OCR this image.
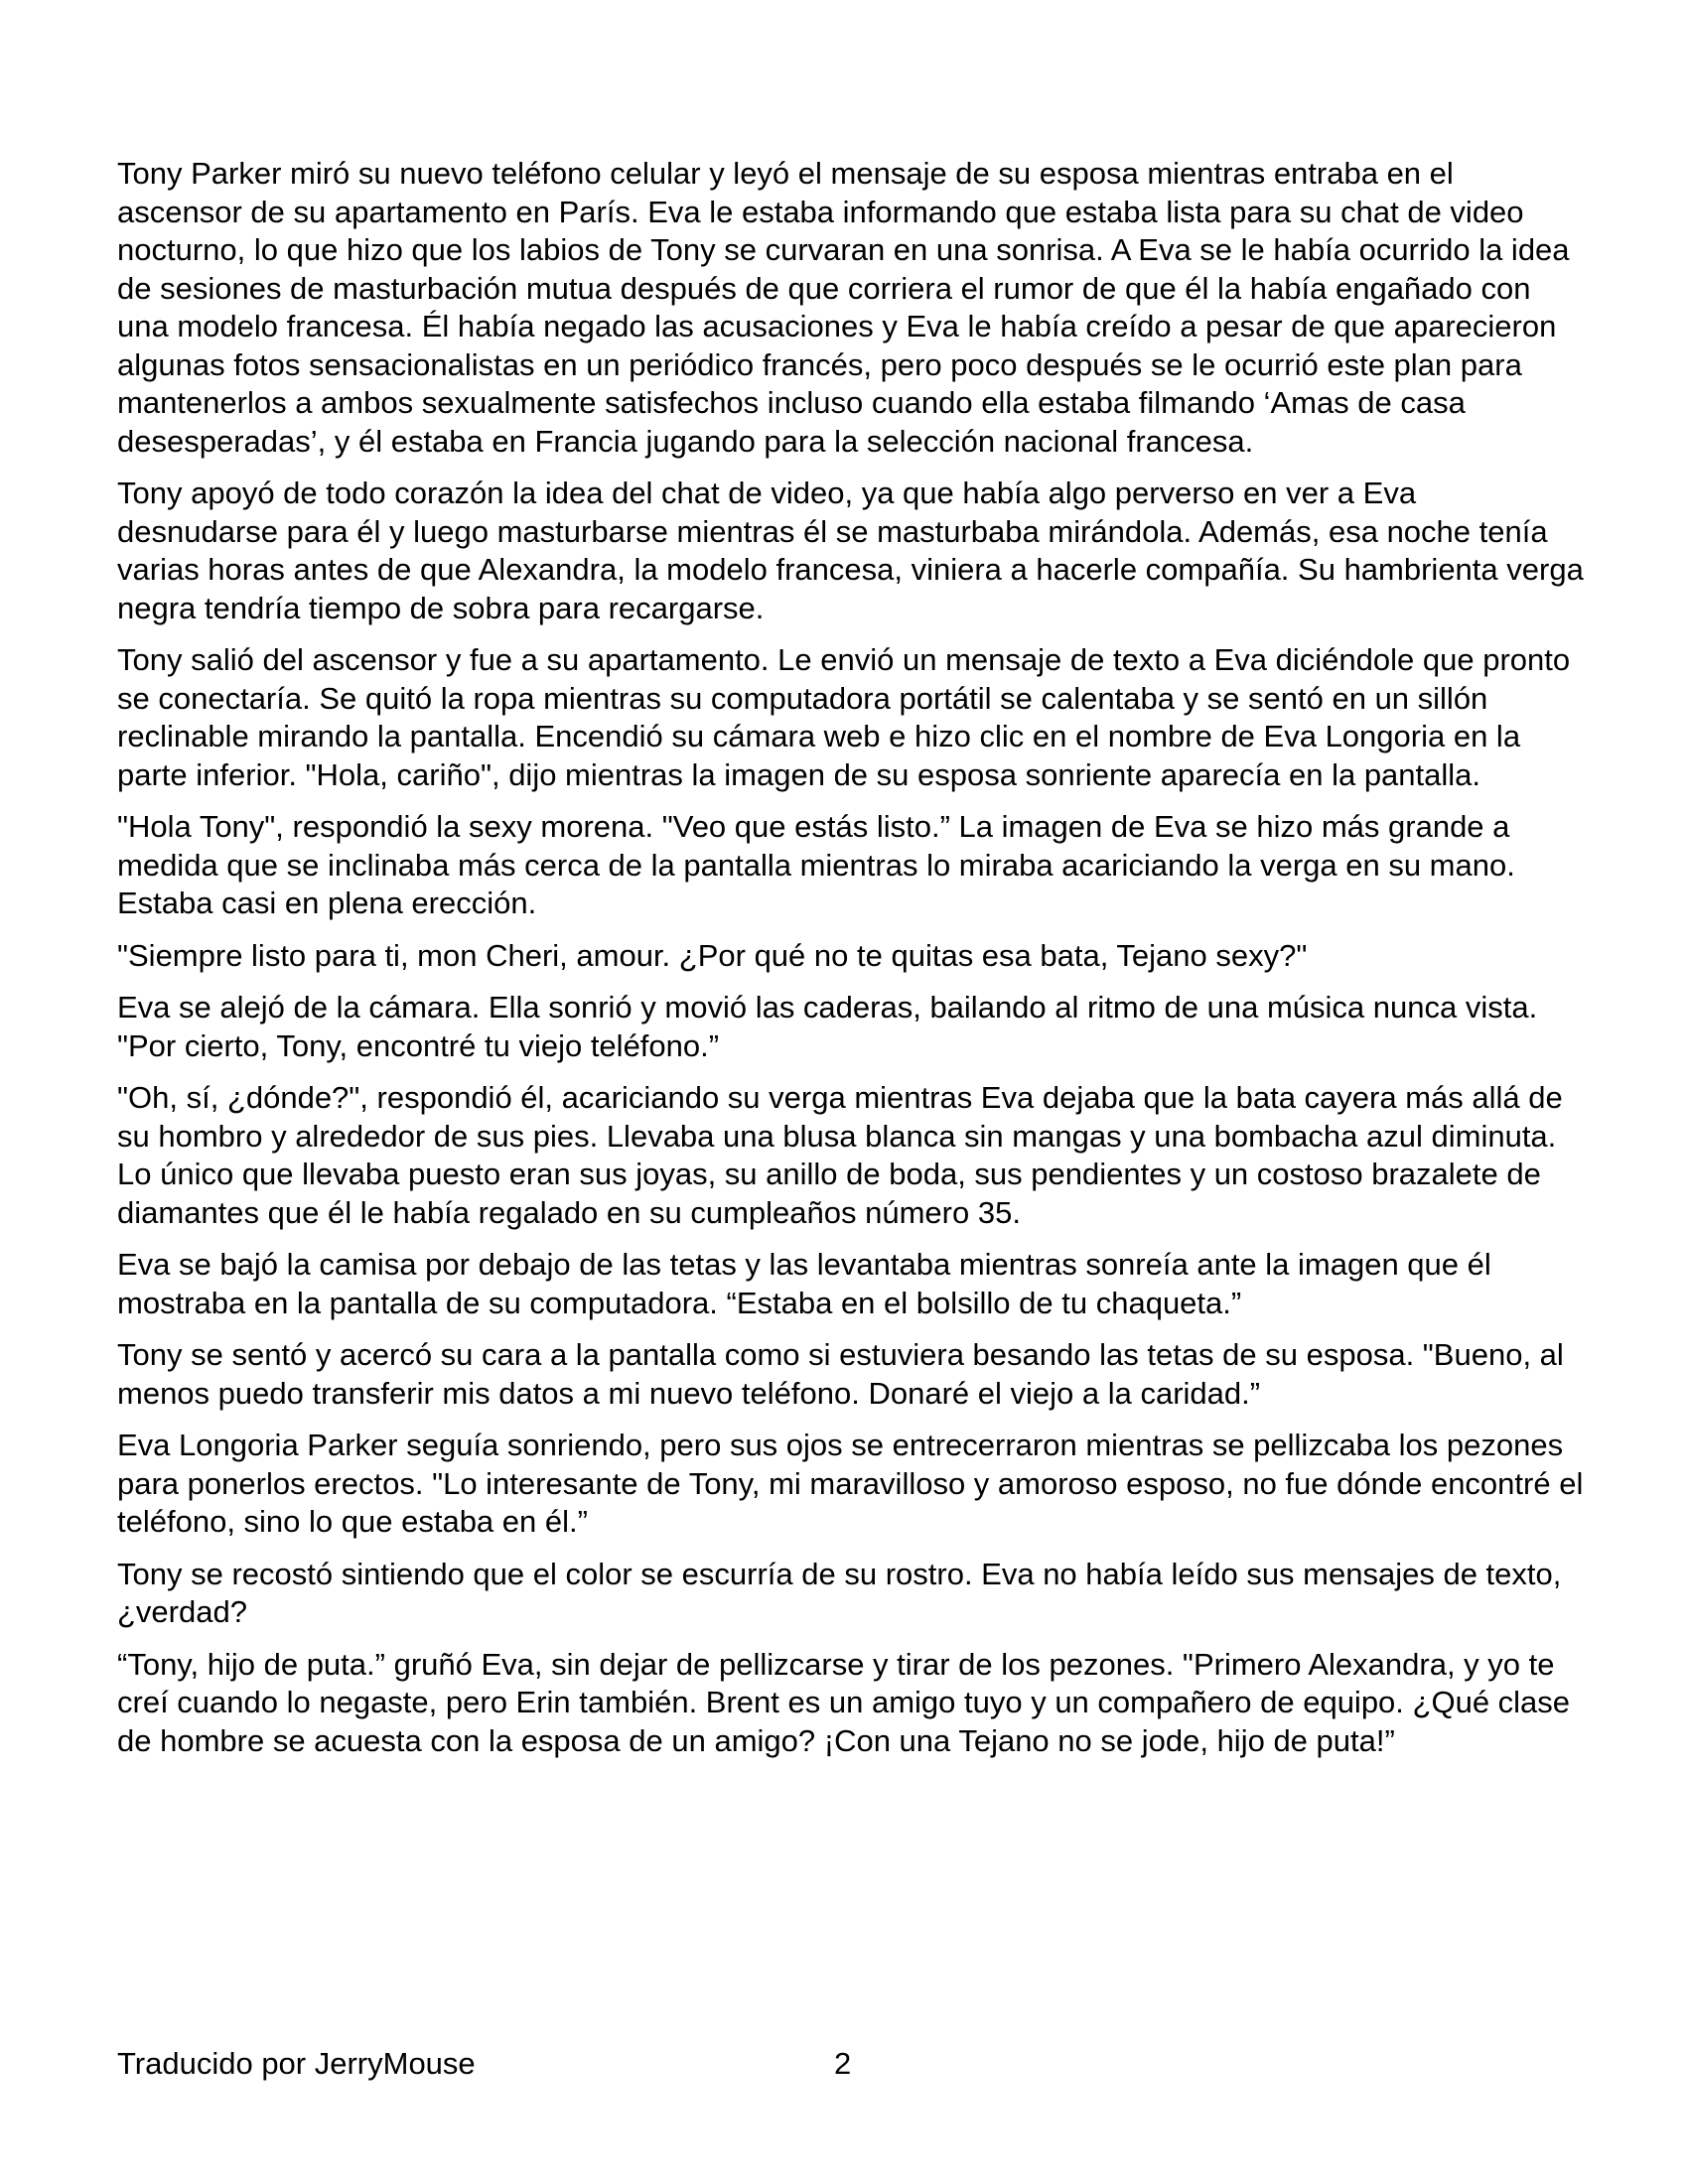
Tony Parker miró su nuevo teléfono celular y leyó el mensaje de su esposa mientras entraba en el ascensor de su apartamento en París. Eva le estaba informando que estaba lista para su chat de video nocturno, lo que hizo que los labios de Tony se curvaran en una sonrisa. A Eva se le había ocurrido la idea de sesiones de masturbación mutua después de que corriera el rumor de que él la había engañado con una modelo francesa. Él había negado las acusaciones y Eva le había creído a pesar de que aparecieron algunas fotos sensacionalistas en un periódico francés, pero poco después se le ocurrió este plan para mantenerlos a ambos sexualmente satisfechos incluso cuando ella estaba filmando ‘Amas de casa desesperadas’, y él estaba en Francia jugando para la selección nacional francesa.

Tony apoyó de todo corazón la idea del chat de video, ya que había algo perverso en ver a Eva desnudarse para él y luego masturbarse mientras él se masturbaba mirándola. Además, esa noche tenía varias horas antes de que Alexandra, la modelo francesa, viniera a hacerle compañía. Su hambrienta verga negra tendría tiempo de sobra para recargarse.

Tony salió del ascensor y fue a su apartamento. Le envió un mensaje de texto a Eva diciéndole que pronto se conectaría. Se quitó la ropa mientras su computadora portátil se calentaba y se sentó en un sillón reclinable mirando la pantalla. Encendió su cámara web e hizo clic en el nombre de Eva Longoria en la parte inferior. "Hola, cariño", dijo mientras la imagen de su esposa sonriente aparecía en la pantalla.

"Hola Tony", respondió la sexy morena. "Veo que estás listo.” La imagen de Eva se hizo más grande a medida que se inclinaba más cerca de la pantalla mientras lo miraba acariciando la verga en su mano. Estaba casi en plena erección.

"Siempre listo para ti, mon Cheri, amour. ¿Por qué no te quitas esa bata, Tejano sexy?"

Eva se alejó de la cámara. Ella sonrió y movió las caderas, bailando al ritmo de una música nunca vista. "Por cierto, Tony, encontré tu viejo teléfono.”

"Oh, sí, ¿dónde?", respondió él, acariciando su verga mientras Eva dejaba que la bata cayera más allá de su hombro y alrededor de sus pies. Llevaba una blusa blanca sin mangas y una bombacha azul diminuta. Lo único que llevaba puesto eran sus joyas, su anillo de boda, sus pendientes y un costoso brazalete de diamantes que él le había regalado en su cumpleaños número 35.

Eva se bajó la camisa por debajo de las tetas y las levantaba mientras sonreía ante la imagen que él mostraba en la pantalla de su computadora. “Estaba en el bolsillo de tu chaqueta.”

Tony se sentó y acercó su cara a la pantalla como si estuviera besando las tetas de su esposa. "Bueno, al menos puedo transferir mis datos a mi nuevo teléfono. Donaré el viejo a la caridad.”

Eva Longoria Parker seguía sonriendo, pero sus ojos se entrecerraron mientras se pellizcaba los pezones para ponerlos erectos. "Lo interesante de Tony, mi maravilloso y amoroso esposo, no fue dónde encontré el teléfono, sino lo que estaba en él.”

Tony se recostó sintiendo que el color se escurría de su rostro. Eva no había leído sus mensajes de texto, ¿verdad?

“Tony, hijo de puta.” gruñó Eva, sin dejar de pellizcarse y tirar de los pezones. "Primero Alexandra, y yo te creí cuando lo negaste, pero Erin también. Brent es un amigo tuyo y un compañero de equipo. ¿Qué clase de hombre se acuesta con la esposa de un amigo? ¡Con una Tejano no se jode, hijo de puta!”

Traducido por JerryMouse	2
